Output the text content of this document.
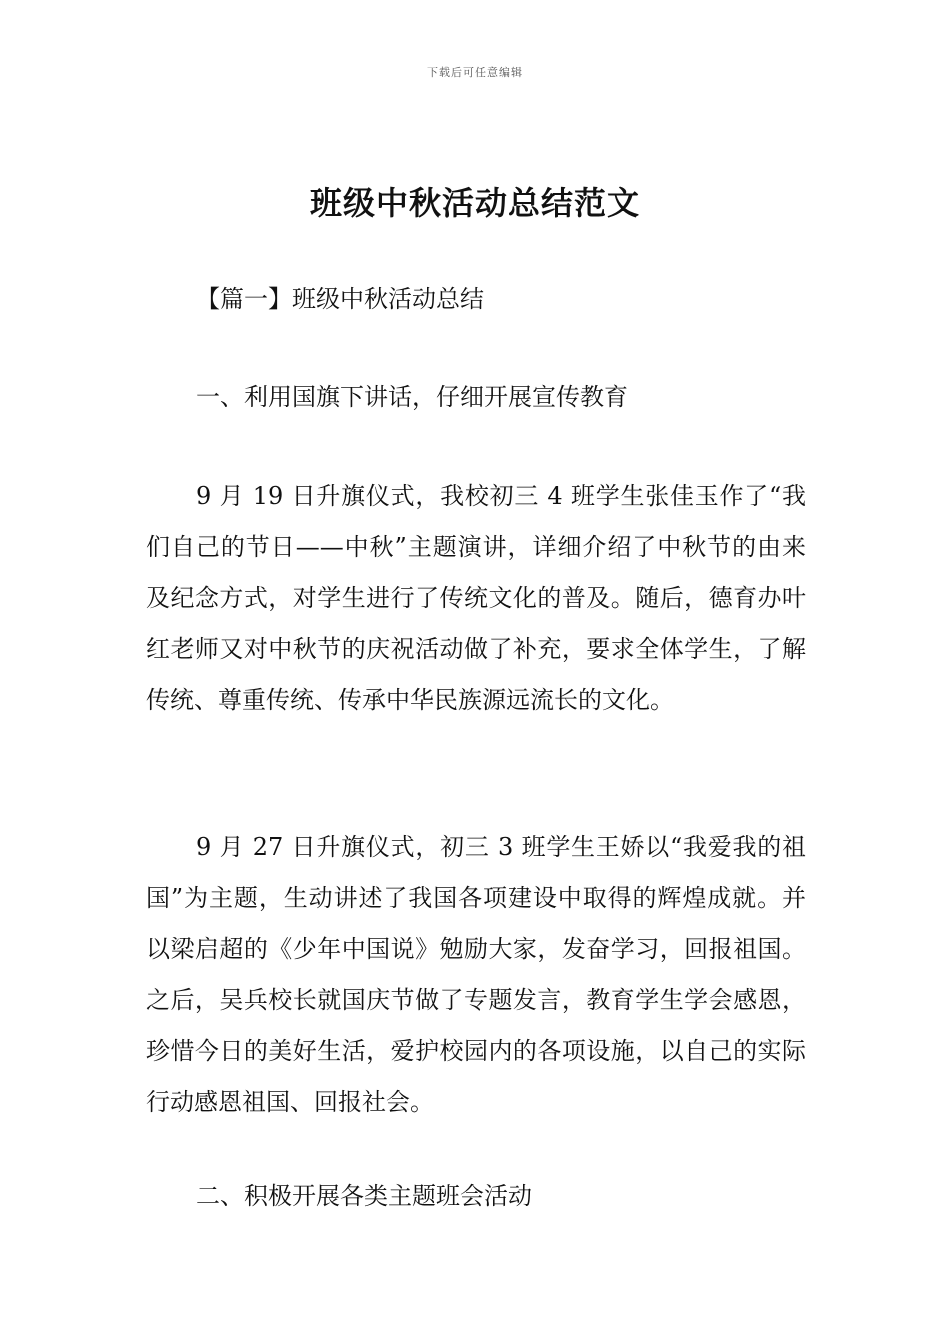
下载后可任意编辑
班级中秋活动总结范文
【篇一】班级中秋活动总结
一、利用国旗下讲话，仔细开展宣传教育
9 月 19 日升旗仪式，我校初三 4 班学生张佳玉作了“我们自己的节日——中秋”主题演讲，详细介绍了中秋节的由来及纪念方式，对学生进行了传统文化的普及。随后，德育办叶红老师又对中秋节的庆祝活动做了补充，要求全体学生，了解传统、尊重传统、传承中华民族源远流长的文化。
9 月 27 日升旗仪式，初三 3 班学生王娇以“我爱我的祖国”为主题，生动讲述了我国各项建设中取得的辉煌成就。并以梁启超的《少年中国说》勉励大家，发奋学习，回报祖国。之后，吴兵校长就国庆节做了专题发言，教育学生学会感恩，珍惜今日的美好生活，爱护校园内的各项设施，以自己的实际行动感恩祖国、回报社会。
二、积极开展各类主题班会活动
